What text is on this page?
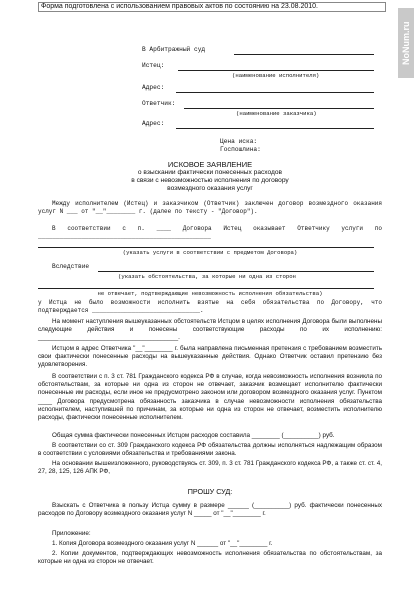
Форма подготовлена с использованием правовых актов по состоянию на 23.08.2010.
NoNum.ru
В Арбитражный суд
Истец:
(наименование исполнителя)
Адрес:
Ответчик:
(наименование заказчика)
Адрес:
Цена иска:
Госпошлина:
ИСКОВОЕ ЗАЯВЛЕНИЕ
о взыскании фактически понесенных расходов
в связи с невозможностью исполнения по договору
возмездного оказания услуг
Между исполнителем (Истец) и заказчиком (Ответчик) заключен договор возмездного оказания услуг N ___ от "__"________ г. (далее по тексту - "Договор").
В соответствии с п. ____ Договора Истец оказывает Ответчику услуги по ________________________________________________
(указать услуги в соответствии с предметом Договора)
Вследствие
(указать обстоятельства, за которые ни одна из сторон
не отвечает, подтверждающие невозможность исполнения обязательства)
у Истца не было возможности исполнить взятые на себя обязательства по Договору, что подтверждается ______________________________.
На момент наступления вышеуказанных обстоятельств Истцом в целях исполнения Договора были выполнены следующие действия и понесены соответствующие расходы по их исполнению: ________________________________________.
Истцом в адрес Ответчика "__"________ г. была направлена письменная претензия с требованием возместить свои фактически понесенные расходы на вышеуказанные действия. Однако Ответчик оставил претензию без удовлетворения.
В соответствии с п. 3 ст. 781 Гражданского кодекса РФ в случае, когда невозможность исполнения возникла по обстоятельствам, за которые ни одна из сторон не отвечает, заказчик возмещает исполнителю фактически понесенные им расходы, если иное не предусмотрено законом или договором возмездного оказания услуг. Пунктом ____ Договора предусмотрена обязанность заказчика в случае невозможности исполнения обязательства исполнителем, наступившей по причинам, за которые ни одна из сторон не отвечает, возместить исполнителю расходы, фактически понесенные исполнителем.
Общая сумма фактически понесенных Истцом расходов составила ________ (__________) руб.
В соответствии со ст. 309 Гражданского кодекса РФ обязательства должны исполняться надлежащим образом в соответствии с условиями обязательства и требованиями закона.
На основании вышеизложенного, руководствуясь ст. 309, п. 3 ст. 781 Гражданского кодекса РФ, а также ст. ст. 4, 27, 28, 125, 126 АПК РФ,
ПРОШУ СУД:
Взыскать с Ответчика в пользу Истца сумму в размере ______ (__________) руб. фактически понесенных расходов по Договору возмездного оказания услуг N _____ от "__"________ г.
Приложение:
1. Копия Договора возмездного оказания услуг N ______ от "__"________ г.
2. Копии документов, подтверждающих невозможность исполнения обязательства по обстоятельствам, за которые ни одна из сторон не отвечает.
